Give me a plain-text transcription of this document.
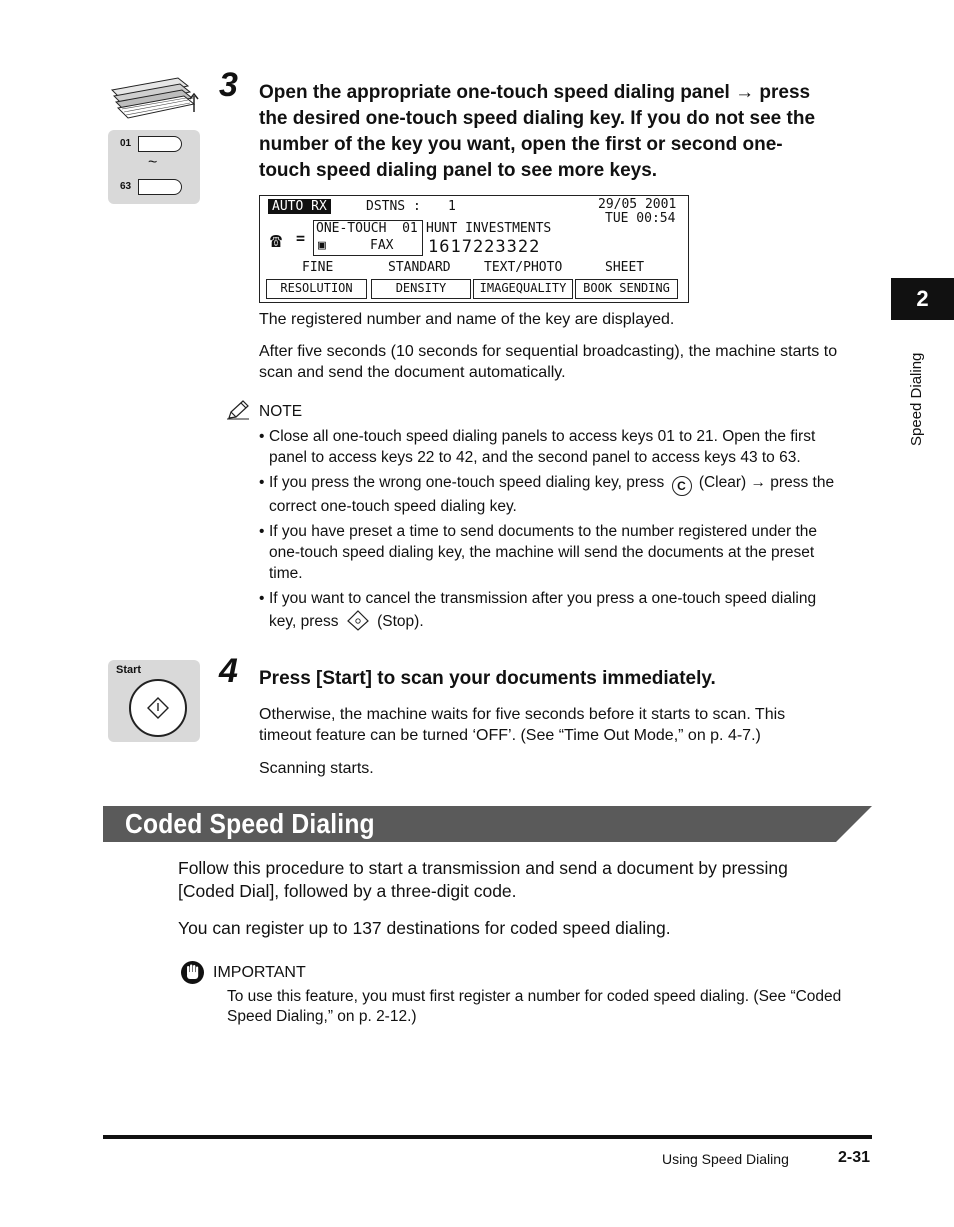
01
~
63
3 Open the appropriate one-touch speed dialing panel → press
the desired one-touch speed dialing key. If you do not see the
number of the key you want, open the first or second one-
touch speed dialing panel to see more keys.
AUTO RX	DSTNS : 1	29/05 2001
TUE 00:54
☎ =
ONE-TOUCH  01
▣	FAX
HUNT INVESTMENTS
1617223322
FINE	STANDARD	TEXT/PHOTO	SHEET
RESOLUTION	DENSITY	IMAGEQUALITY	BOOK SENDING
The registered number and name of the key are displayed.
After five seconds (10 seconds for sequential broadcasting), the machine starts to
scan and send the document automatically.
NOTE
• Close all one-touch speed dialing panels to access keys 01 to 21. Open the first
panel to access keys 22 to 42, and the second panel to access keys 43 to 63.
• If you press the wrong one-touch speed dialing key, press C (Clear) → press the
correct one-touch speed dialing key.
• If you have preset a time to send documents to the number registered under the
one-touch speed dialing key, the machine will send the documents at the preset
time.
• If you want to cancel the transmission after you press a one-touch speed dialing
key, press (Stop).
Start 4 Press [Start] to scan your documents immediately.
Otherwise, the machine waits for five seconds before it starts to scan. This
timeout feature can be turned ‘OFF’. (See “Time Out Mode,” on p. 4-7.)
Scanning starts.
Coded Speed Dialing
Follow this procedure to start a transmission and send a document by pressing
[Coded Dial], followed by a three-digit code.
You can register up to 137 destinations for coded speed dialing.
IMPORTANT
To use this feature, you must first register a number for coded speed dialing. (See “Coded
Speed Dialing,” on p. 2-12.)
2
Speed Dialing
Using Speed Dialing	2-31
